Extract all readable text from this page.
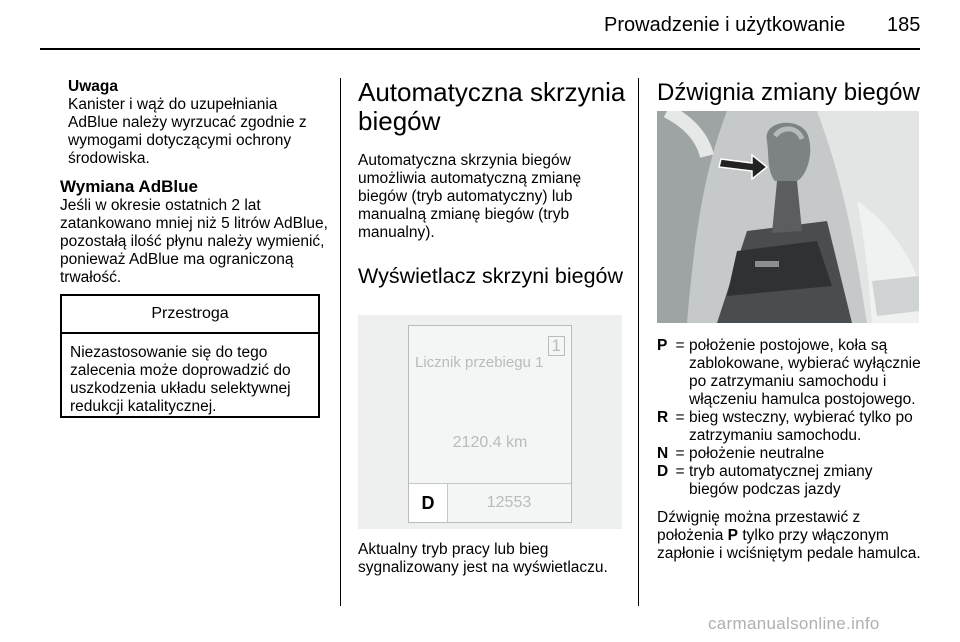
Prowadzenie i użytkowanie 185

Uwaga

Kanister i wąż do uzupełniania AdBlue należy wyrzucać zgodnie z wymogami dotyczącymi ochrony środowiska.

Wymiana AdBlue

Jeśli w okresie ostatnich 2 lat zatankowano mniej niż 5 litrów AdBlue, pozostałą ilość płynu należy wymienić, ponieważ AdBlue ma ograniczoną trwałość.

Przestroga
Niezastosowanie się do tego zalecenia może doprowadzić do uszkodzenia układu selektywnej redukcji katalitycznej.

Automatyczna skrzynia biegów

Automatyczna skrzynia biegów umożliwia automatyczną zmianę biegów (tryb automatyczny) lub manualną zmianę biegów (tryb manualny).

Wyświetlacz skrzyni biegów

1
Licznik przebiegu 1
2120.4 km
D	12553

Aktualny tryb pracy lub bieg sygnalizowany jest na wyświetlaczu.

Dźwignia zmiany biegów

P = położenie postojowe, koła są zablokowane, wybierać wyłącznie po zatrzymaniu samochodu i włączeniu hamulca postojowego.
R = bieg wsteczny, wybierać tylko po zatrzymaniu samochodu.
N = położenie neutralne
D = tryb automatycznej zmiany biegów podczas jazdy

Dźwignię można przestawić z położenia P tylko przy włączonym zapłonie i wciśniętym pedale hamulca.

carmanualsonline.info
